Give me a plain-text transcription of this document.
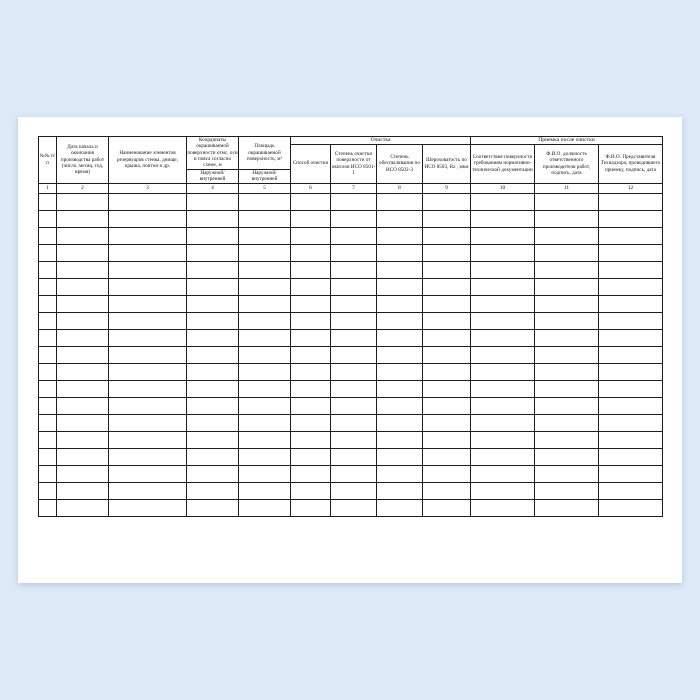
№№ п/п	Дата начала и окончания производства работ (число, месяц, год, время)	Наименование элементов резервуаров стенка, днище, крыша, понтон и др.	Координаты окрашиваемой поверхности отмс, оси и пояса согласно схеме, м	Площадь окрашиваемой поверхность, м²	Очистка				Приемка после очистки		
					Способ очистки	Степень очистки поверхности от окислов ИСО 8501-1	Степень обеспыливания по ИСО 8502-3	Шероховатость по ИСО 8503, Rz , мкм	Соответствие поверхности требованиям нормативно-технической документации	Ф.И.О. должность ответственного производителя работ, подпись, дата	Ф.И.О. Представителя Технадзора, проводившего приемку, подпись, дата
			Наружной/ внутренней	Наружной/ внутренней							
1	2	3	4	5	6	7	8	9	10	11	12
